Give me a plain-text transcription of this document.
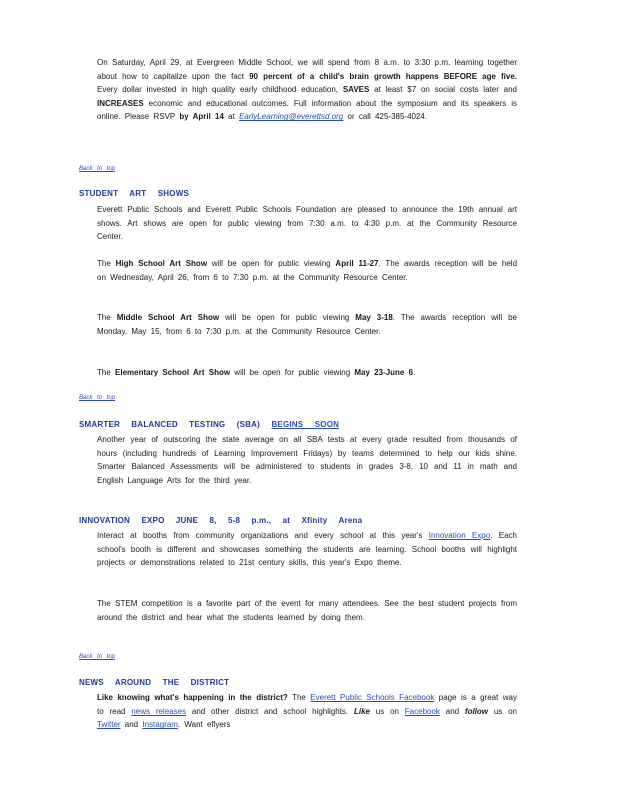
On Saturday, April 29, at Evergreen Middle School, we will spend from 8 a.m. to 3:30 p.m. learning together about how to capitalize upon the fact 90 percent of a child's brain growth happens BEFORE age five. Every dollar invested in high quality early childhood education, SAVES at least $7 on social costs later and INCREASES economic and educational outcomes. Full information about the symposium and its speakers is online. Please RSVP by April 14 at EarlyLearning@everettsd.org or call 425-385-4024.

Back to top
STUDENT ART SHOWS

Everett Public Schools and Everett Public Schools Foundation are pleased to announce the 19th annual art shows. Art shows are open for public viewing from 7:30 a.m. to 4:30 p.m. at the Community Resource Center.

The High School Art Show will be open for public viewing April 11-27. The awards reception will be held on Wednesday, April 26, from 6 to 7:30 p.m. at the Community Resource Center.

The Middle School Art Show will be open for public viewing May 3-18. The awards reception will be Monday, May 15, from 6 to 7:30 p.m. at the Community Resource Center.

The Elementary School Art Show will be open for public viewing May 23-June 6.

Back to top
SMARTER BALANCED TESTING (SBA) BEGINS SOON

Another year of outscoring the state average on all SBA tests at every grade resulted from thousands of hours (including hundreds of Learning Improvement Fridays) by teams determined to help our kids shine. Smarter Balanced Assessments will be administered to students in grades 3-8, 10 and 11 in math and English Language Arts for the third year.

INNOVATION EXPO JUNE 8, 5-8 p.m., at Xfinity Arena

Interact at booths from community organizations and every school at this year's Innovation Expo. Each school's booth is different and showcases something the students are learning. School booths will highlight projects or demonstrations related to 21st century skills, this year's Expo theme.

The STEM competition is a favorite part of the event for many attendees. See the best student projects from around the district and hear what the students learned by doing them.

Back to top
NEWS AROUND THE DISTRICT

Like knowing what's happening in the district? The Everett Public Schools Facebook page is a great way to read news releases and other district and school highlights. Like us on Facebook and follow us on Twitter and Instagram. Want eflyers
